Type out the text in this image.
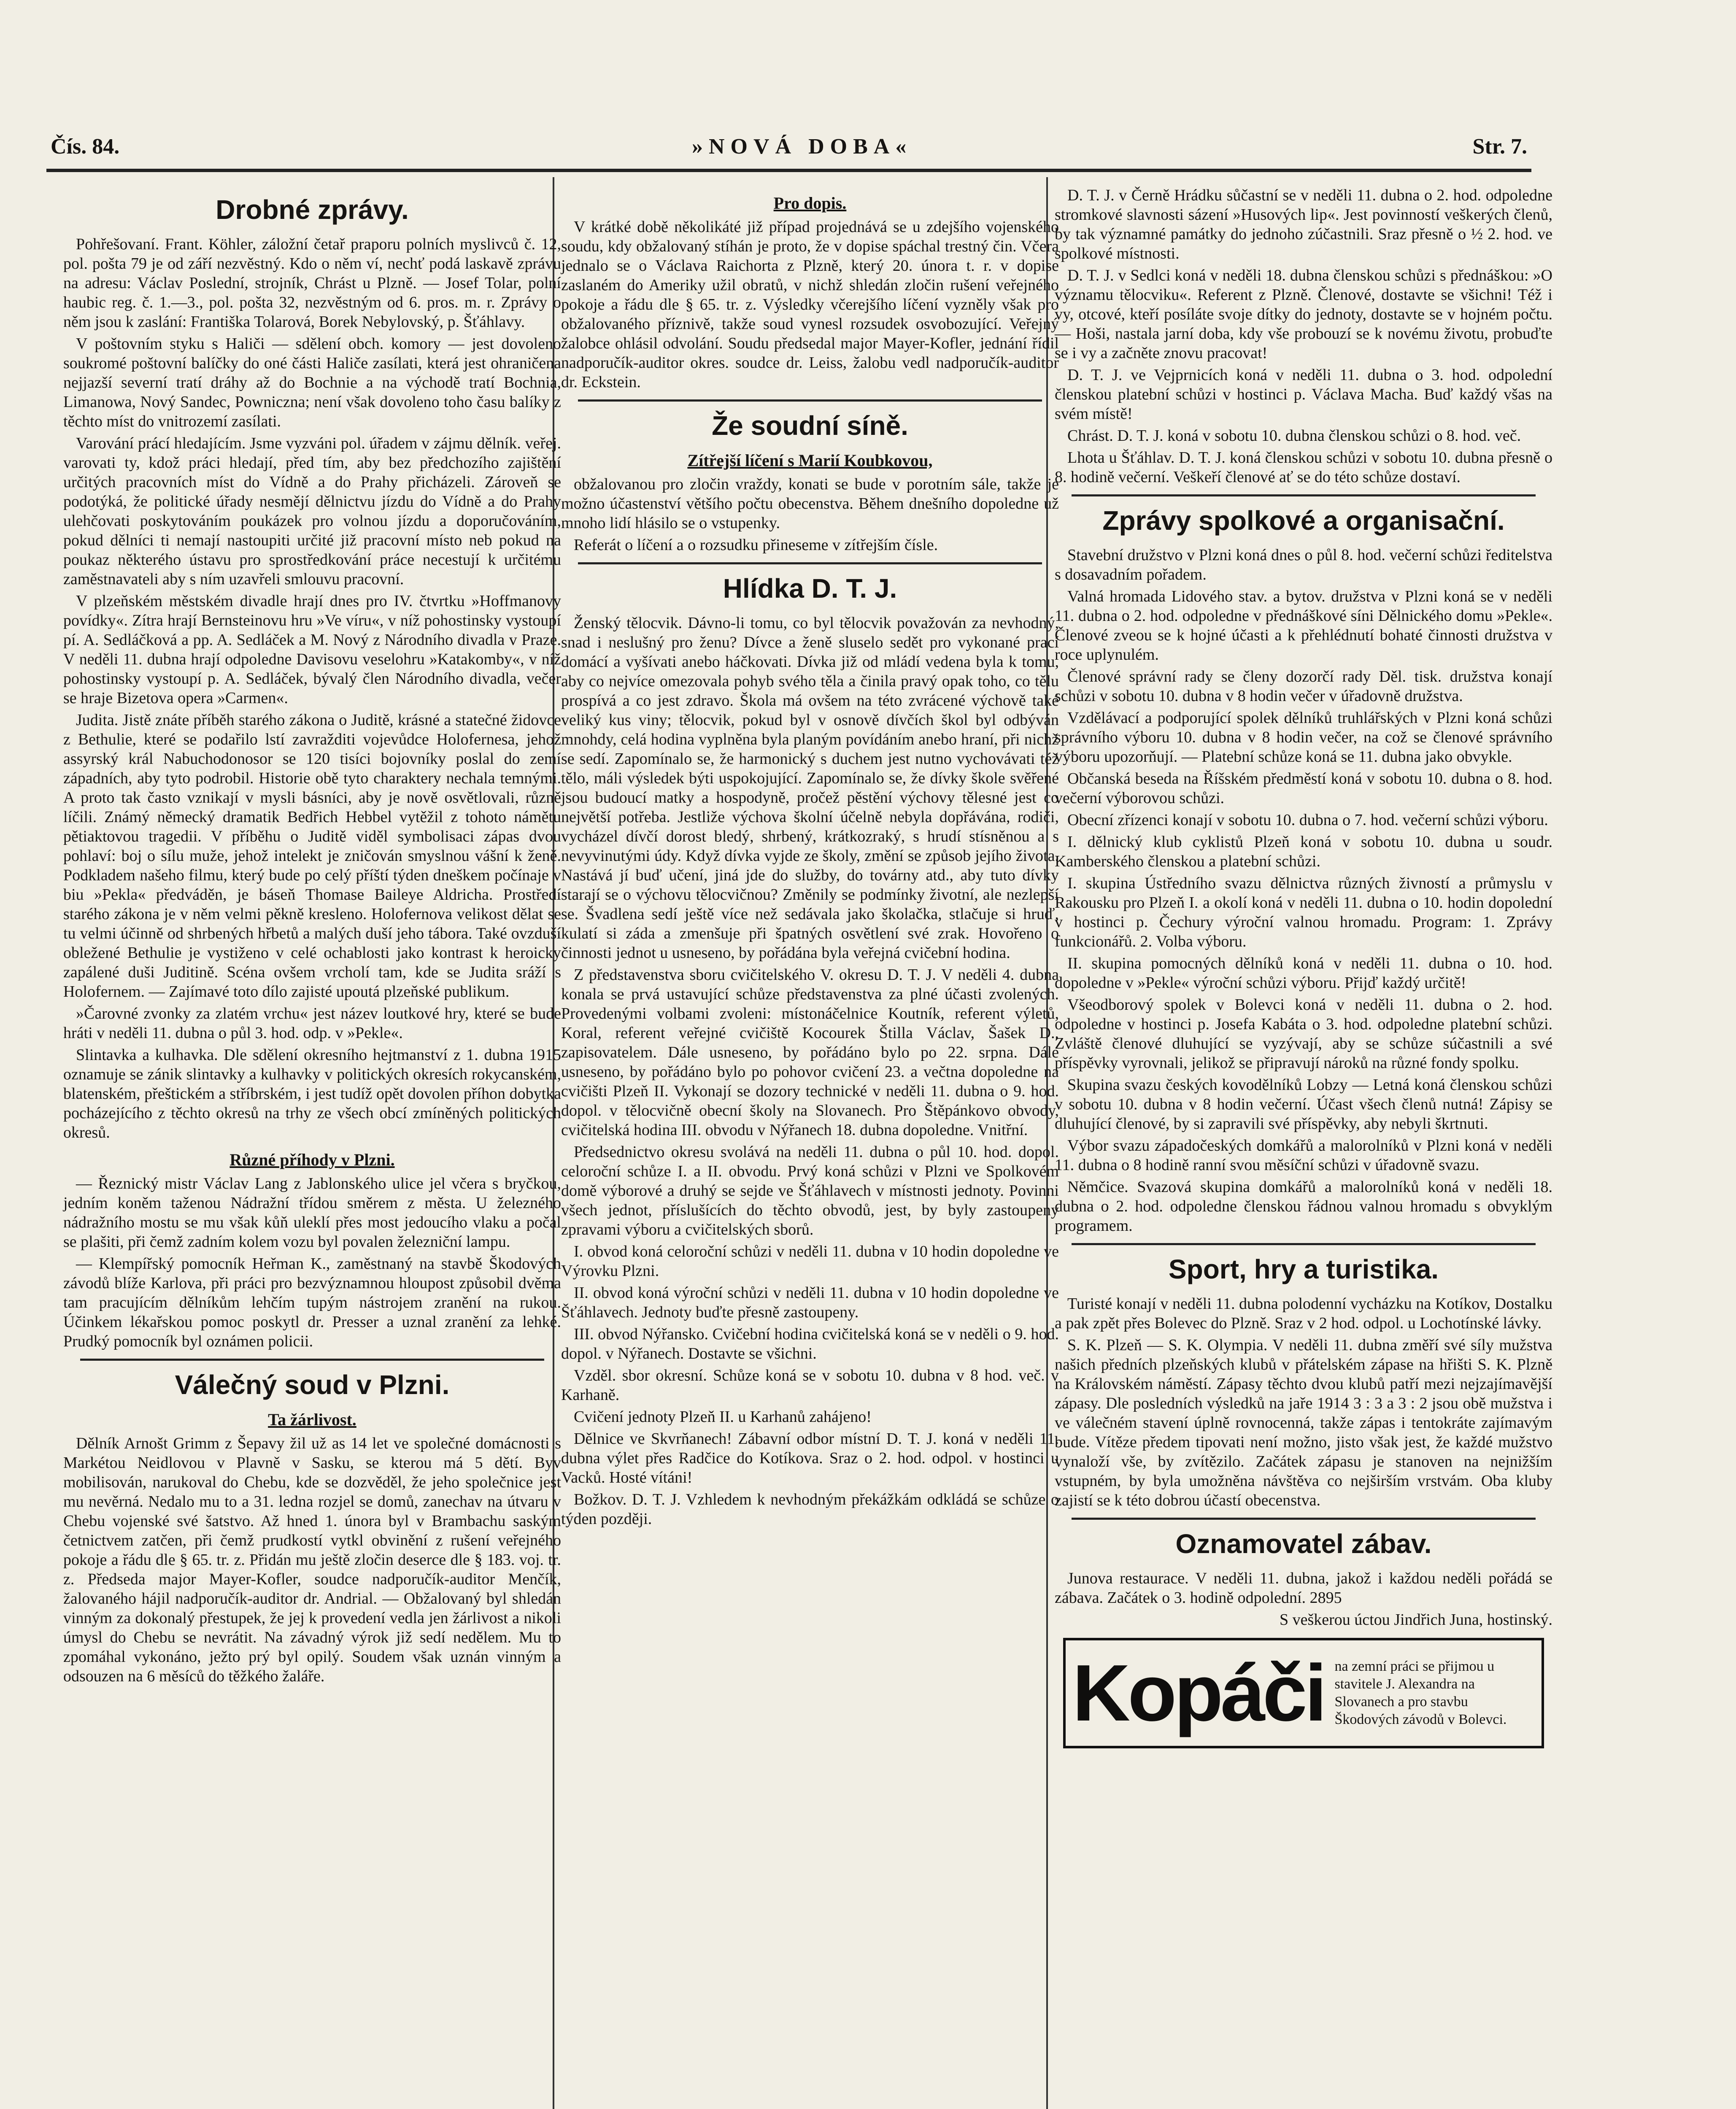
Čís. 84.	»NOVÁ DOBA«	Str. 7.
Drobné zprávy.
Pohřešovaní. Frant. Köhler, záložní četař praporu polních myslivců č. 12, pol. pošta 79 je od září nezvěstný. Kdo o něm ví, nechť podá laskavě zprávu na adresu: Václav Poslední, strojník, Chrást u Plzně. — Josef Tolar, polní haubic reg. č. 1.—3., pol. pošta 32, nezvěstným od 6. pros. m. r. Zprávy o něm jsou k zaslání: Františka Tolarová, Borek Nebylovský, p. Šťáhlavy.
V poštovním styku s Haliči — sdělení obch. komory — jest dovoleno soukromé poštovní balíčky do oné části Haliče zasílati, která jest ohraničena nejjazší severní tratí dráhy až do Bochnie a na východě tratí Bochnia, Limanowa, Nový Sandec, Powniczna; není však dovoleno toho času balíky z těchto míst do vnitrozemí zasílati.
Varování prácí hledajícím. Jsme vyzváni pol. úřadem v zájmu dělník. veřej. varovati ty, kdož práci hledají, před tím, aby bez předchozího zajištění určitých pracovních míst do Vídně a do Prahy přicházeli. Zároveň se podotýká, že politické úřady nesmějí dělnictvu jízdu do Vídně a do Prahy ulehčovati poskytováním poukázek pro volnou jízdu a doporučováním, pokud dělníci ti nemají nastoupiti určité již pracovní místo neb pokud na poukaz některého ústavu pro sprostředkování práce necestují k určitému zaměstnavateli aby s ním uzavřeli smlouvu pracovní.
V plzeňském městském divadle hrají dnes pro IV. čtvrtku »Hoffmanovy povídky«. Zítra hrají Bernsteinovu hru »Ve víru«, v níž pohostinsky vystoupí pí. A. Sedláčková a pp. A. Sedláček a M. Nový z Národního divadla v Praze. V neděli 11. dubna hrají odpoledne Davisovu veselohru »Katakomby«, v níž pohostinsky vystoupí p. A. Sedláček, bývalý člen Národního divadla, večer se hraje Bizetova opera »Carmen«.
Judita. Jistě znáte příběh starého zákona o Juditě, krásné a statečné židovce z Bethulie, které se podařilo lstí zavražditi vojevůdce Holofernesa, jehož assyrský král Nabuchodonosor se 120 tisíci bojovníky poslal do zemí západních, aby tyto podrobil. Historie obě tyto charaktery nechala temnými. A proto tak často vznikají v mysli básníci, aby je nově osvětlovali, různě líčili. Známý německý dramatik Bedřich Hebbel vytěžil z tohoto námětu pětiaktovou tragedii. V příběhu o Juditě viděl symbolisaci zápas dvou pohlaví: boj o sílu muže, jehož intelekt je zničován smyslnou vášní k ženě. Podkladem našeho filmu, který bude po celý příští týden dneškem počínaje v biu »Pekla« předváděn, je báseň Thomase Baileye Aldricha. Prostředí starého zákona je v něm velmi pěkně kresleno. Holofernova velikost dělat se tu velmi účinně od shrbených hřbetů a malých duší jeho tábora. Také ovzduší obležené Bethulie je vystiženo v celé ochablosti jako kontrast k heroicky zapálené duši Juditině. Scéna ovšem vrcholí tam, kde se Judita sráží s Holofernem. — Zajímavé toto dílo zajisté upoutá plzeňské publikum.
»Čarovné zvonky za zlatém vrchu« jest název loutkové hry, které se bude hráti v neděli 11. dubna o půl 3. hod. odp. v »Pekle«.
Slintavka a kulhavka. Dle sdělení okresního hejtmanství z 1. dubna 1915 oznamuje se zánik slintavky a kulhavky v politických okresích rokycanském, blatenském, přeštickém a stříbrském, i jest tudíž opět dovolen příhon dobytka pocházejícího z těchto okresů na trhy ze všech obcí zmíněných politických okresů.
Různé příhody v Plzni.
— Řeznický mistr Václav Lang z Jablonského ulice jel včera s bryčkou, jedním koněm taženou Nádražní třídou směrem z města. U železného nádražního mostu se mu však kůň uleklí přes most jedoucího vlaku a počal se plašiti, při čemž zadním kolem vozu byl povalen železniční lampu.
— Klempířský pomocník Heřman K., zaměstnaný na stavbě Škodových závodů blíže Karlova, při práci pro bezvýznamnou hloupost způsobil dvěma tam pracujícím dělníkům lehčím tupým nástrojem zranění na rukou. Účinkem lékařskou pomoc poskytl dr. Presser a uznal zranění za lehké. Prudký pomocník byl oznámen policii.
Válečný soud v Plzni.
Ta žárlivost.
Dělník Arnošt Grimm z Šepavy žil už as 14 let ve společné domácnosti s Markétou Neidlovou v Plavně v Sasku, se kterou má 5 dětí. Byv mobilisován, narukoval do Chebu, kde se dozvěděl, že jeho společnice jest mu nevěrná. Nedalo mu to a 31. ledna rozjel se domů, zanechav na útvaru v Chebu vojenské své šatstvo. Až hned 1. února byl v Brambachu saským četnictvem zatčen, při čemž prudkostí vytkl obvinění z rušení veřejného pokoje a řádu dle § 65. tr. z. Přidán mu ještě zločin deserce dle § 183. voj. tr. z. Předseda major Mayer-Kofler, soudce nadporučík-auditor Menčík, žalovaného hájil nadporučík-auditor dr. Andrial. — Obžalovaný byl shledán vinným za dokonalý přestupek, že jej k provedení vedla jen žárlivost a nikoli úmysl do Chebu se nevrátit. Na závadný výrok již sedí nedělem. Mu to zpomáhal vykonáno, ježto prý byl opilý. Soudem však uznán vinným a odsouzen na 6 měsíců do těžkého žaláře.
Pro dopis.
V krátké době několikáté již případ projednává se u zdejšího vojenského soudu, kdy obžalovaný stíhán je proto, že v dopise spáchal trestný čin. Včera jednalo se o Václava Raichorta z Plzně, který 20. února t. r. v dopise zaslaném do Ameriky užil obratů, v nichž shledán zločin rušení veřejného pokoje a řádu dle § 65. tr. z. Výsledky včerejšího líčení vyzněly však pro obžalovaného příznivě, takže soud vynesl rozsudek osvobozující. Veřejný žalobce ohlásil odvolání. Soudu předsedal major Mayer-Kofler, jednání řídil nadporučík-auditor okres. soudce dr. Leiss, žalobu vedl nadporučík-auditor dr. Eckstein.
Že soudní síně.
Zítřejší líčení s Marií Koubkovou,
obžalovanou pro zločin vraždy, konati se bude v porotním sále, takže je možno účastenství většího počtu obecenstva. Během dnešního dopoledne už mnoho lidí hlásilo se o vstupenky.
Referát o líčení a o rozsudku přineseme v zítřejším čísle.
Hlídka D. T. J.
Ženský tělocvik. Dávno-li tomu, co byl tělocvik považován za nevhodný, snad i neslušný pro ženu? Dívce a ženě sluselo sedět pro vykonané prací domácí a vyšívati anebo háčkovati. Dívka již od mládí vedena byla k tomu, aby co nejvíce omezovala pohyb svého těla a činila pravý opak toho, co tělu prospívá a co jest zdravo. Škola má ovšem na této zvrácené výchově také veliký kus viny; tělocvik, pokud byl v osnově dívčích škol byl odbýván mnohdy, celá hodina vyplněna byla planým povídáním anebo hraní, při nichž se sedí. Zapomínalo se, že harmonický s duchem jest nutno vychovávati též tělo, máli výsledek býti uspokojující. Zapomínalo se, že dívky škole svěřené jsou budoucí matky a hospodyně, pročež pěstění výchovy tělesné jest co největší potřeba. Jestliže výchova školní účelně nebyla dopřávána, rodiči, vycházel dívčí dorost bledý, shrbený, krátkozraký, s hrudí stísněnou a s nevyvinutými údy. Když dívka vyjde ze školy, změní se způsob jejího života. Nastává jí buď učení, jiná jde do služby, do továrny atd., aby tuto dívky starají se o výchovu tělocvičnou? Změnily se podmínky životní, ale nezlepší se. Švadlena sedí ještě více než sedávala jako školačka, stlačuje si hruď, kulatí si záda a zmenšuje při špatných osvětlení své zrak. Hovořeno o činnosti jednot u usneseno, by pořádána byla veřejná cvičební hodina.
Z představenstva sboru cvičitelského V. okresu D. T. J. V neděli 4. dubna konala se prvá ustavující schůze představenstva za plné účasti zvolených. Provedenými volbami zvoleni: místonáčelnice Koutník, referent výletů, Koral, referent veřejné cvičiště Kocourek Štilla Václav, Šašek D., zapisovatelem. Dále usneseno, by pořádáno bylo po 22. srpna. Dále usneseno, by pořádáno bylo po pohovor cvičení 23. a večtna dopoledne na cvičišti Plzeň II. Vykonají se dozory technické v neděli 11. dubna o 9. hod. dopol. v tělocvičně obecní školy na Slovanech. Pro Štěpánkovo obvody, cvičitelská hodina III. obvodu v Nýřanech 18. dubna dopoledne. Vnitřní.
Předsednictvo okresu svolává na neděli 11. dubna o půl 10. hod. dopol. celoroční schůze I. a II. obvodu. Prvý koná schůzi v Plzni ve Spolkovém domě výborové a druhý se sejde ve Šťáhlavech v místnosti jednoty. Povinni všech jednot, příslušících do těchto obvodů, jest, by byly zastoupeny zpravami výboru a cvičitelských sborů.
I. obvod koná celoroční schůzi v neděli 11. dubna v 10 hodin dopoledne ve Výrovku Plzni.
II. obvod koná výroční schůzi v neděli 11. dubna v 10 hodin dopoledne ve Šťáhlavech. Jednoty buďte přesně zastoupeny.
III. obvod Nýřansko. Cvičební hodina cvičitelská koná se v neděli o 9. hod. dopol. v Nýřanech. Dostavte se všichni.
Vzděl. sbor okresní. Schůze koná se v sobotu 10. dubna v 8 hod. več. v Karhaně.
Cvičení jednoty Plzeň II. u Karhanů zahájeno!
Dělnice ve Skvrňanech! Zábavní odbor místní D. T. J. koná v neděli 11. dubna výlet přes Radčice do Kotíkova. Sraz o 2. hod. odpol. v hostinci u Vacků. Hosté vítáni!
Božkov. D. T. J. Vzhledem k nevhodným překážkám odkládá se schůze o týden později.
D. T. J. v Černě Hrádku sůčastní se v neděli 11. dubna o 2. hod. odpoledne stromkové slavnosti sázení »Husových lip«. Jest povinností veškerých členů, by tak významné památky do jednoho zúčastnili. Sraz přesně o ½ 2. hod. ve spolkové místnosti.
D. T. J. v Sedlci koná v neděli 18. dubna členskou schůzi s přednáškou: »O významu tělocviku«. Referent z Plzně. Členové, dostavte se všichni! Též i vy, otcové, kteří posíláte svoje dítky do jednoty, dostavte se v hojném počtu. — Hoši, nastala jarní doba, kdy vše probouzí se k novému životu, probuďte se i vy a začněte znovu pracovat!
D. T. J. ve Vejprnicích koná v neděli 11. dubna o 3. hod. odpolední členskou platební schůzi v hostinci p. Václava Macha. Buď každý všas na svém místě!
Chrást. D. T. J. koná v sobotu 10. dubna členskou schůzi o 8. hod. več.
Lhota u Šťáhlav. D. T. J. koná členskou schůzi v sobotu 10. dubna přesně o 8. hodině večerní. Veškeří členové ať se do této schůze dostaví.
Zprávy spolkové a organisační.
Stavební družstvo v Plzni koná dnes o půl 8. hod. večerní schůzi ředitelstva s dosavadním pořadem.
Valná hromada Lidového stav. a bytov. družstva v Plzni koná se v neděli 11. dubna o 2. hod. odpoledne v přednáškové síni Dělnického domu »Pekle«. Členové zveou se k hojné účasti a k přehlédnutí bohaté činnosti družstva v roce uplynulém.
Členové správní rady se členy dozorčí rady Děl. tisk. družstva konají schůzi v sobotu 10. dubna v 8 hodin večer v úřadovně družstva.
Vzdělávací a podporující spolek dělníků truhlářských v Plzni koná schůzi správního výboru 10. dubna v 8 hodin večer, na což se členové správního výboru upozorňují. — Platební schůze koná se 11. dubna jako obvykle.
Občanská beseda na Říšském předměstí koná v sobotu 10. dubna o 8. hod. večerní výborovou schůzi.
Obecní zřízenci konají v sobotu 10. dubna o 7. hod. večerní schůzi výboru.
I. dělnický klub cyklistů Plzeň koná v sobotu 10. dubna u soudr. Kamberského členskou a platební schůzi.
I. skupina Ústředního svazu dělnictva různých živností a průmyslu v Rakousku pro Plzeň I. a okolí koná v neděli 11. dubna o 10. hodin dopolední v hostinci p. Čechury výroční valnou hromadu. Program: 1. Zprávy funkcionářů. 2. Volba výboru.
II. skupina pomocných dělníků koná v neděli 11. dubna o 10. hod. dopoledne v »Pekle« výroční schůzi výboru. Přijď každý určitě!
Všeodborový spolek v Bolevci koná v neděli 11. dubna o 2. hod. odpoledne v hostinci p. Josefa Kabáta o 3. hod. odpoledne platební schůzi. Zvláště členové dluhující se vyzývají, aby se schůze súčastnili a své příspěvky vyrovnali, jelikož se připravují nároků na různé fondy spolku.
Skupina svazu českých kovodělníků Lobzy — Letná koná členskou schůzi v sobotu 10. dubna v 8 hodin večerní. Účast všech členů nutná! Zápisy se dluhující členové, by si zapravili své příspěvky, aby nebyli škrtnuti.
Výbor svazu západočeských domkářů a malorolníků v Plzni koná v neděli 11. dubna o 8 hodině ranní svou měsíční schůzi v úřadovně svazu.
Němčice. Svazová skupina domkářů a malorolníků koná v neděli 18. dubna o 2. hod. odpoledne členskou řádnou valnou hromadu s obvyklým programem.
Sport, hry a turistika.
Turisté konají v neděli 11. dubna polodenní vycházku na Kotíkov, Dostalku a pak zpět přes Bolevec do Plzně. Sraz v 2 hod. odpol. u Lochotínské lávky.
S. K. Plzeň — S. K. Olympia. V neděli 11. dubna změří své síly mužstva našich předních plzeňských klubů v přátelském zápase na hřišti S. K. Plzně na Královském náměstí. Zápasy těchto dvou klubů patří mezi nejzajímavější zápasy. Dle posledních výsledků na jaře 1914 3 : 3 a 3 : 2 jsou obě mužstva i ve válečném stavení úplně rovnocenná, takže zápas i tentokráte zajímavým bude. Vítěze předem tipovati není možno, jisto však jest, že každé mužstvo vynaloží vše, by zvítězilo. Začátek zápasu je stanoven na nejnižším vstupném, by byla umožněna návštěva co nejširším vrstvám. Oba kluby zajistí se k této dobrou účastí obecenstva.
Oznamovatel zábav.
Junova restaurace. V neděli 11. dubna, jakož i každou neděli pořádá se zábava. Začátek o 3. hodině odpolední. 2895
S veškerou úctou Jindřich Juna, hostinský.
Kopáči na zemní práci se přijmou u stavitele J. Alexandra na Slovanech a pro stavbu Škodových závodů v Bolevci.
